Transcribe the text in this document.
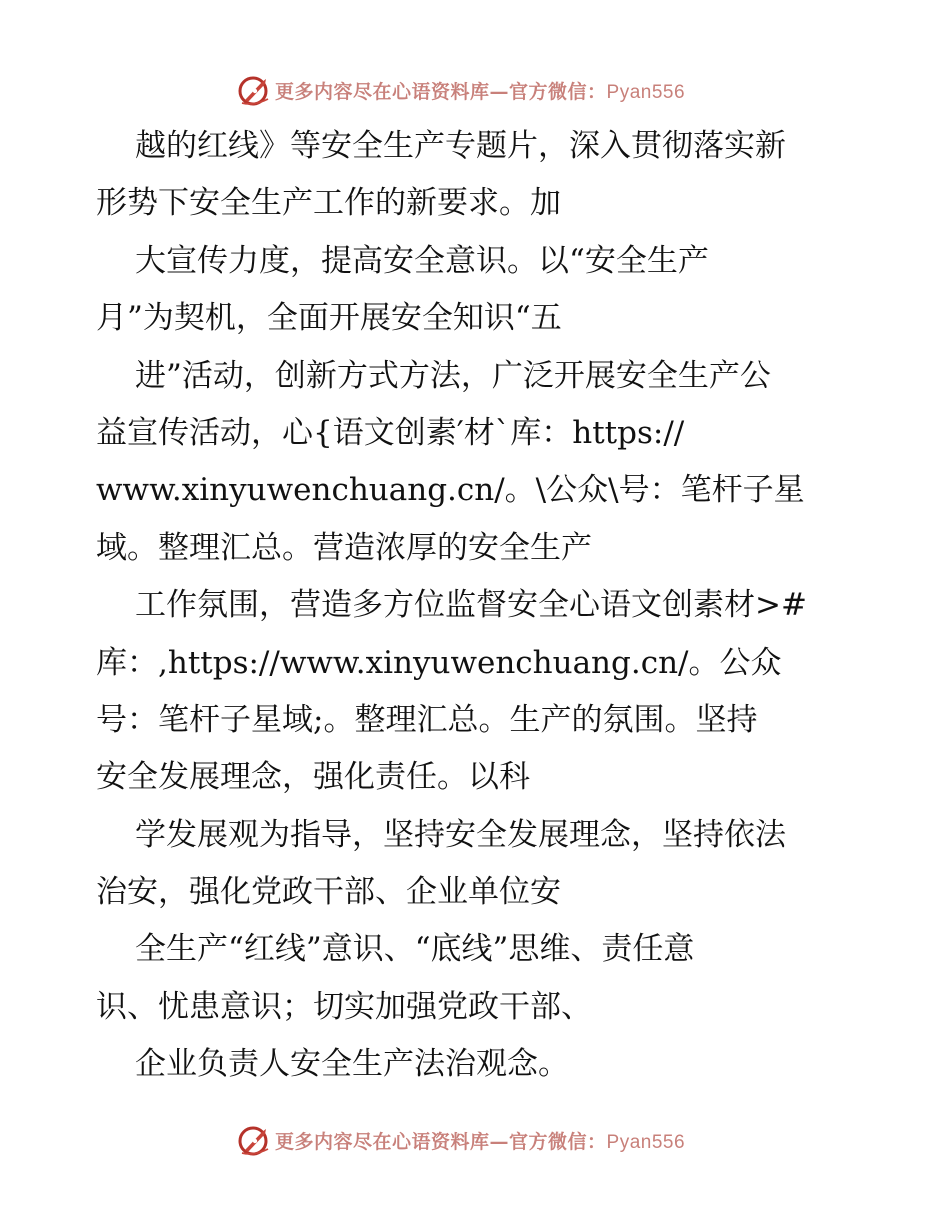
更多内容尽在心语资料库—官方微信：Pyan556
越的红线》等安全生产专题片，深入贯彻落实新
形势下安全生产工作的新要求。加
大宣传力度，提高安全意识。以“安全生产
月”为契机，全面开展安全知识“五
进”活动，创新方式方法，广泛开展安全生产公
益宣传活动，心{语文创素′材`库：https://
www.xinyuwenchuang.cn/。\公众\号：笔杆子星
域。整理汇总。营造浓厚的安全生产
工作氛围，营造多方位监督安全心语文创素材>#
库：,https://www.xinyuwenchuang.cn/。公众
号：笔杆子星域;。整理汇总。生产的氛围。坚持
安全发展理念，强化责任。以科
学发展观为指导，坚持安全发展理念，坚持依法
治安，强化党政干部、企业单位安
全生产“红线”意识、“底线”思维、责任意
识、忧患意识；切实加强党政干部、
企业负责人安全生产法治观念。
更多内容尽在心语资料库—官方微信：Pyan556
